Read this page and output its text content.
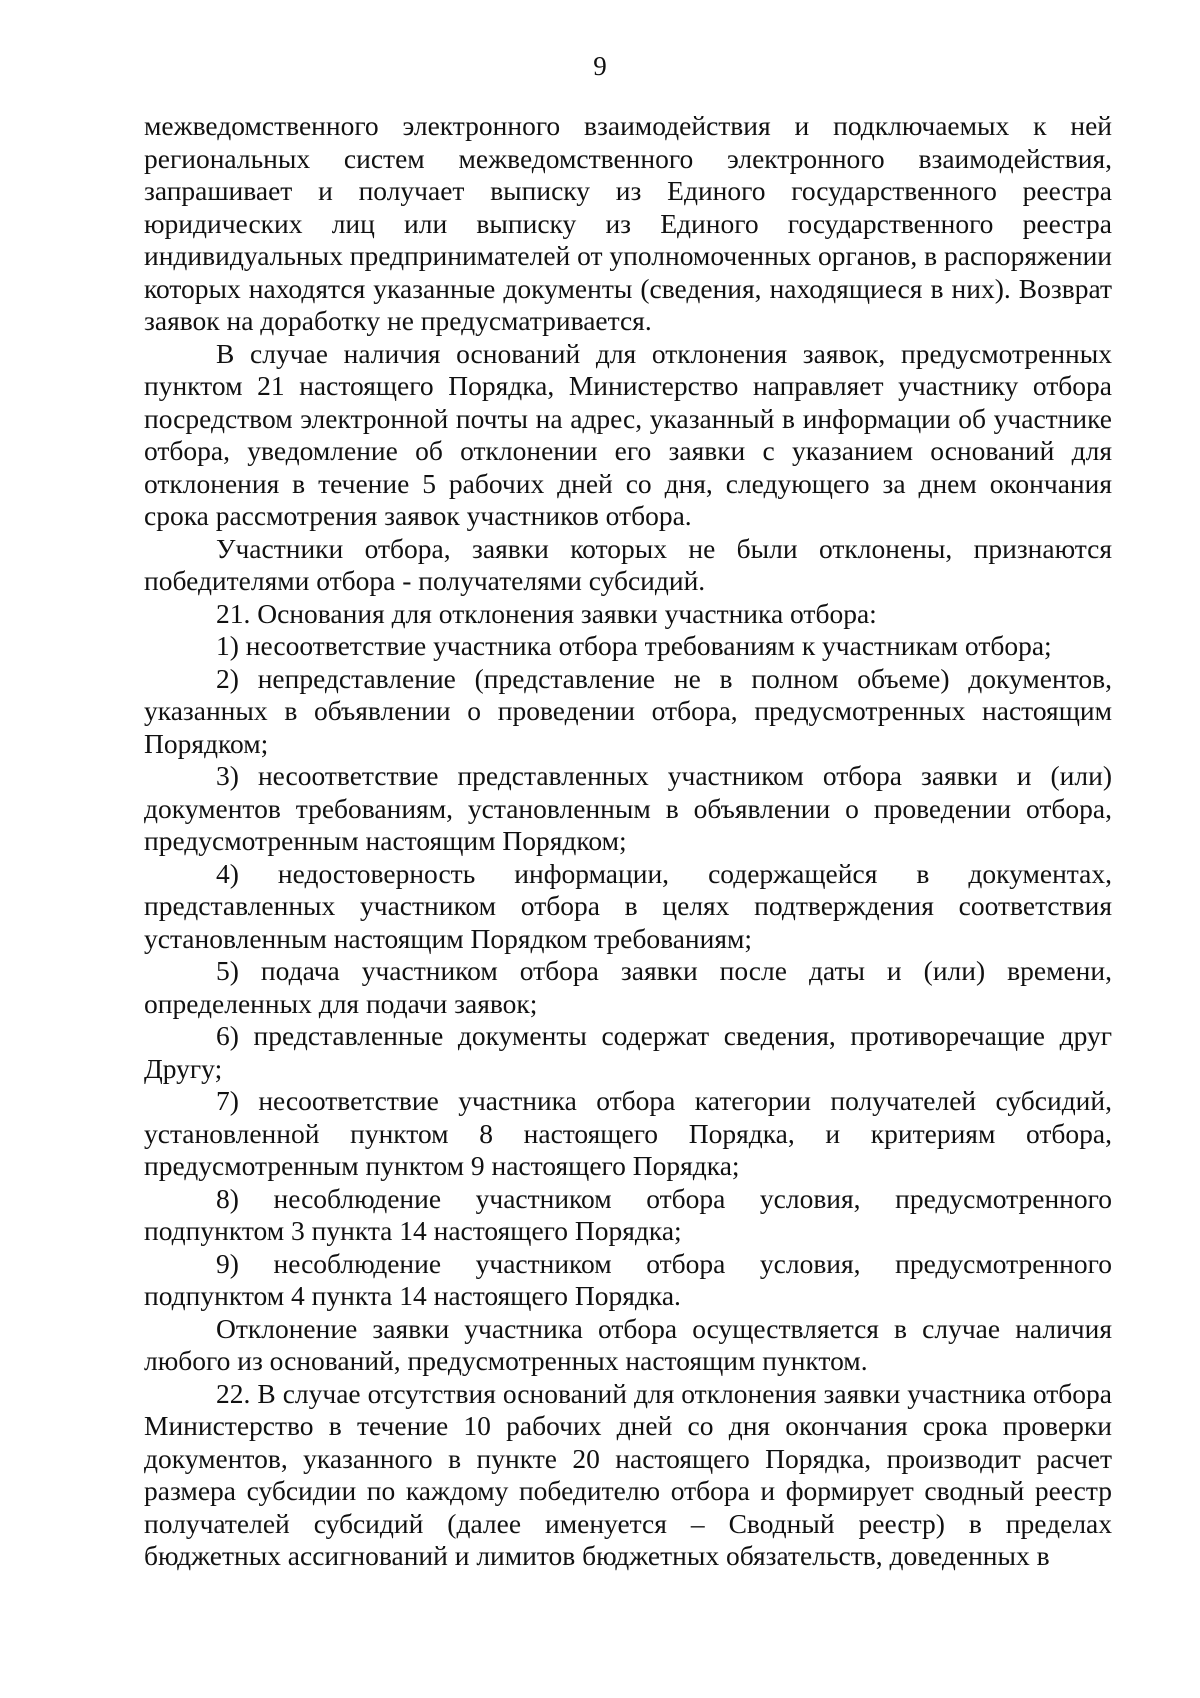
9

межведомственного электронного взаимодействия и подключаемых к ней региональных систем межведомственного электронного взаимодействия, запрашивает и получает выписку из Единого государственного реестра юридических лиц или выписку из Единого государственного реестра индивидуальных предпринимателей от уполномоченных органов, в распоряжении которых находятся указанные документы (сведения, находящиеся в них). Возврат заявок на доработку не предусматривается.

В случае наличия оснований для отклонения заявок, предусмотренных пунктом 21 настоящего Порядка, Министерство направляет участнику отбора посредством электронной почты на адрес, указанный в информации об участнике отбора, уведомление об отклонении его заявки с указанием оснований для отклонения в течение 5 рабочих дней со дня, следующего за днем окончания срока рассмотрения заявок участников отбора.

Участники отбора, заявки которых не были отклонены, признаются победителями отбора - получателями субсидий.

21. Основания для отклонения заявки участника отбора:

1) несоответствие участника отбора требованиям к участникам отбора;

2) непредставление (представление не в полном объеме) документов, указанных в объявлении о проведении отбора, предусмотренных настоящим Порядком;

3) несоответствие представленных участником отбора заявки и (или) документов требованиям, установленным в объявлении о проведении отбора, предусмотренным настоящим Порядком;

4) недостоверность информации, содержащейся в документах, представленных участником отбора в целях подтверждения соответствия установленным настоящим Порядком требованиям;

5) подача участником отбора заявки после даты и (или) времени, определенных для подачи заявок;

6) представленные документы содержат сведения, противоречащие друг Другу;

7) несоответствие участника отбора категории получателей субсидий, установленной пунктом 8 настоящего Порядка, и критериям отбора, предусмотренным пунктом 9 настоящего Порядка;

8) несоблюдение участником отбора условия, предусмотренного подпунктом 3 пункта 14 настоящего Порядка;

9) несоблюдение участником отбора условия, предусмотренного подпунктом 4 пункта 14 настоящего Порядка.

Отклонение заявки участника отбора осуществляется в случае наличия любого из оснований, предусмотренных настоящим пунктом.

22. В случае отсутствия оснований для отклонения заявки участника отбора Министерство в течение 10 рабочих дней со дня окончания срока проверки документов, указанного в пункте 20 настоящего Порядка, производит расчет размера субсидии по каждому победителю отбора и формирует сводный реестр получателей субсидий (далее именуется – Сводный реестр) в пределах бюджетных ассигнований и лимитов бюджетных обязательств, доведенных в
